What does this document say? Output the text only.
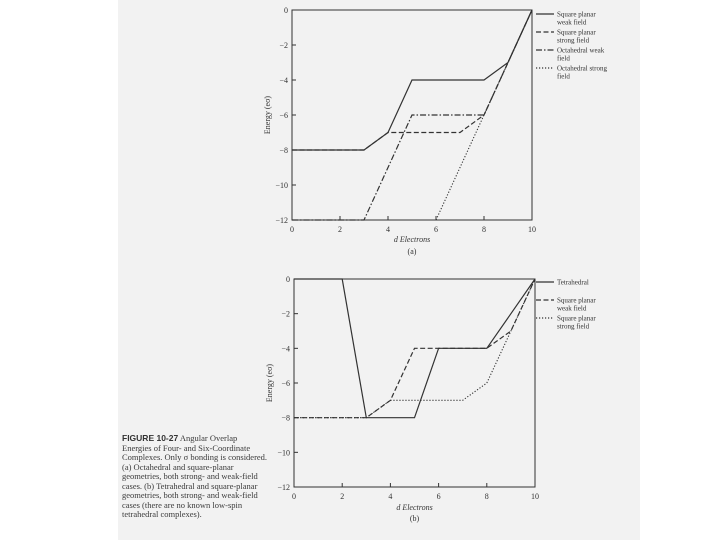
0
−2
−4
−6
−8
−10
−12
0	2	4	6	8	10
d Electrons
Energy (eσ)
(a)
Square planar
weak field
Square planar
strong field
Octahedral weak
field
Octahedral strong
field
0
−2
−4
−6
−8
−10
−12
0	2	4	6	8	10
d Electrons
Energy (eσ)
(b)
Tetrahedral
Square planar
weak field
Square planar
strong field
FIGURE 10-27 Angular Overlap Energies of Four- and Six-Coordinate Complexes. Only σ bonding is considered. (a) Octahedral and square-planar geometries, both strong- and weak-field cases. (b) Tetrahedral and square-planar geometries, both strong- and weak-field cases (there are no known low-spin tetrahedral complexes).
